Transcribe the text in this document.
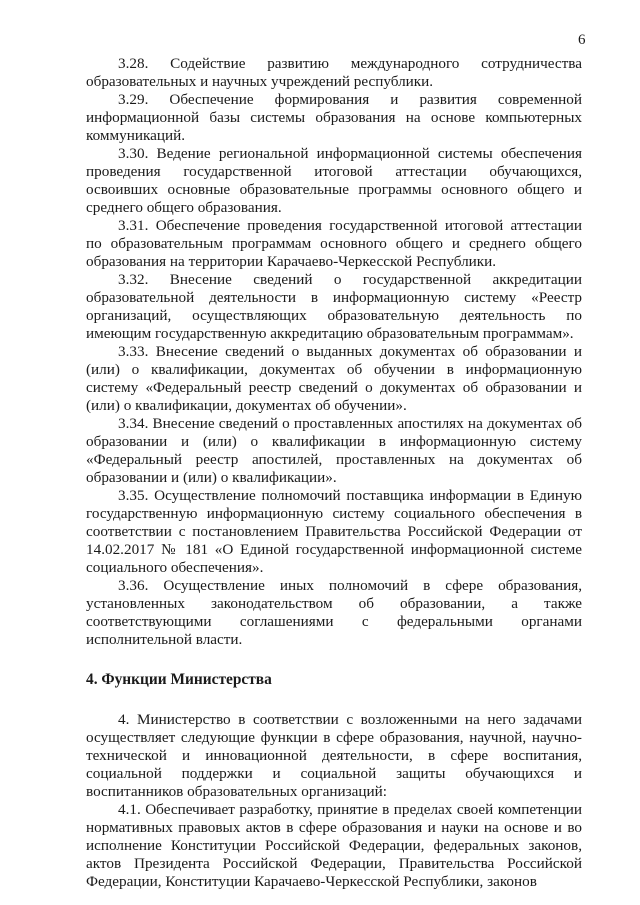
6

3.28. Содействие развитию международного сотрудничества образовательных и научных учреждений республики.

3.29. Обеспечение формирования и развития современной информационной базы системы образования на основе компьютерных коммуникаций.

3.30. Ведение региональной информационной системы обеспечения проведения государственной итоговой аттестации обучающихся, освоивших основные образовательные программы основного общего и среднего общего образования.

3.31. Обеспечение проведения государственной итоговой аттестации по образовательным программам основного общего и среднего общего образования на территории Карачаево-Черкесской Республики.

3.32. Внесение сведений о государственной аккредитации образовательной деятельности в информационную систему «Реестр организаций, осуществляющих образовательную деятельность по имеющим государственную аккредитацию образовательным программам».

3.33. Внесение сведений о выданных документах об образовании и (или) о квалификации, документах об обучении в информационную систему «Федеральный реестр сведений о документах об образовании и (или) о квалификации, документах об обучении».

3.34. Внесение сведений о проставленных апостилях на документах об образовании и (или) о квалификации в информационную систему «Федеральный реестр апостилей, проставленных на документах об образовании и (или) о квалификации».

3.35. Осуществление полномочий поставщика информации в Единую государственную информационную систему социального обеспечения в соответствии с постановлением Правительства Российской Федерации от 14.02.2017 № 181 «О Единой государственной информационной системе социального обеспечения».

3.36. Осуществление иных полномочий в сфере образования, установленных законодательством об образовании, а также соответствующими соглашениями с федеральными органами исполнительной власти.

4. Функции Министерства

4. Министерство в соответствии с возложенными на него задачами осуществляет следующие функции в сфере образования, научной, научно-технической и инновационной деятельности, в сфере воспитания, социальной поддержки и социальной защиты обучающихся и воспитанников образовательных организаций:

4.1. Обеспечивает разработку, принятие в пределах своей компетенции нормативных правовых актов в сфере образования и науки на основе и во исполнение Конституции Российской Федерации, федеральных законов, актов Президента Российской Федерации, Правительства Российской Федерации, Конституции Карачаево-Черкесской Республики, законов
